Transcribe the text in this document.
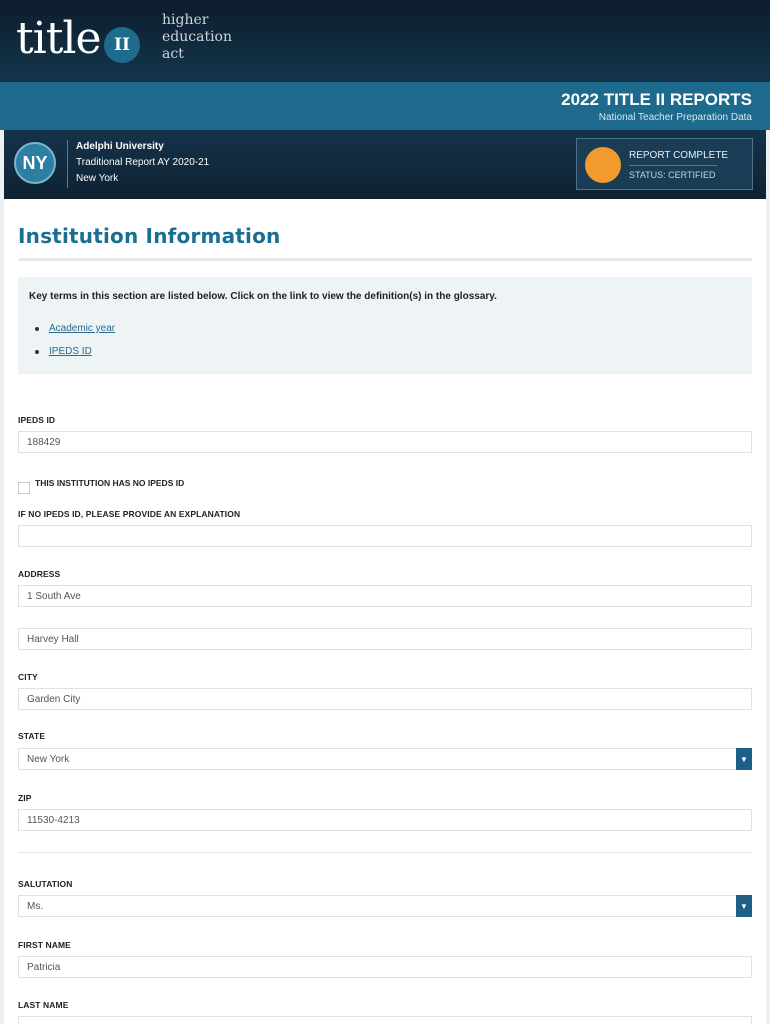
title II
higher
education
act
2022 TITLE II REPORTS
National Teacher Preparation Data
NY
Adelphi University
Traditional Report AY 2020-21
New York
REPORT COMPLETE
STATUS: CERTIFIED
Institution Information
Key terms in this section are listed below. Click on the link to view the definition(s) in the glossary.
Academic year
IPEDS ID
IPEDS ID
188429
THIS INSTITUTION HAS NO IPEDS ID
IF NO IPEDS ID, PLEASE PROVIDE AN EXPLANATION
ADDRESS
1 South Ave
Harvey Hall
CITY
Garden City
STATE
New York	▼
ZIP
11530-4213
SALUTATION
Ms.	▼
FIRST NAME
Patricia
LAST NAME
